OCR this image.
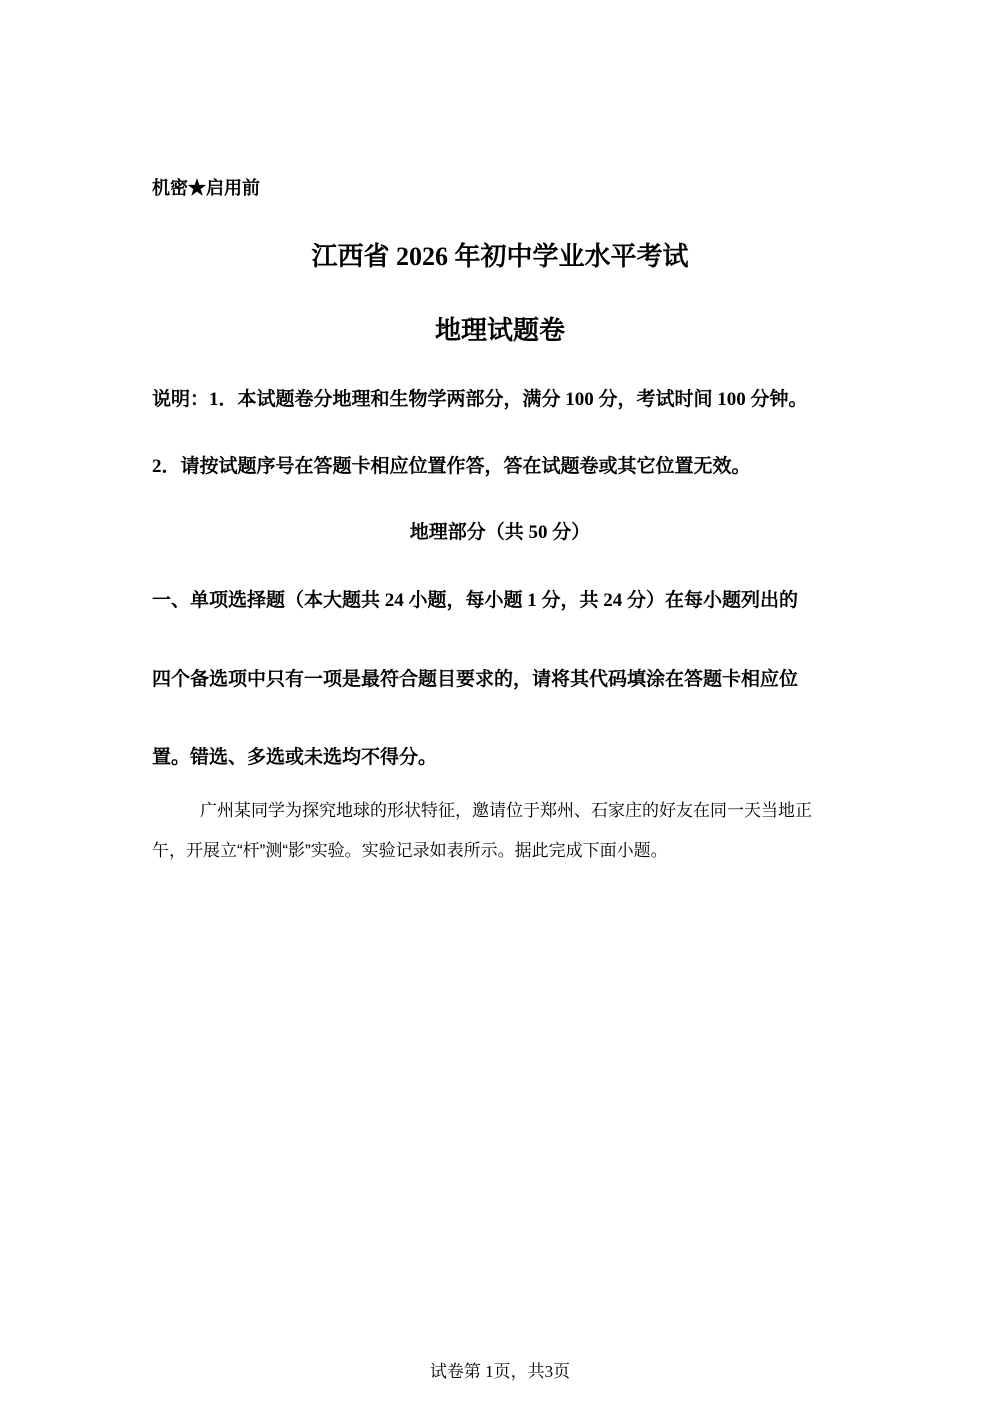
机密★启用前
江西省 2026 年初中学业水平考试
地理试题卷
说明：1．本试题卷分地理和生物学两部分，满分 100 分，考试时间 100 分钟。
2．请按试题序号在答题卡相应位置作答，答在试题卷或其它位置无效。
地理部分（共 50 分）
一、单项选择题（本大题共 24 小题，每小题 1 分，共 24 分）在每小题列出的
四个备选项中只有一项是最符合题目要求的，请将其代码填涂在答题卡相应位
置。错选、多选或未选均不得分。
广州某同学为探究地球的形状特征，邀请位于郑州、石家庄的好友在同一天当地正
午，开展立“杆”测“影”实验。实验记录如表所示。据此完成下面小题。
试卷第 1页，共3页
